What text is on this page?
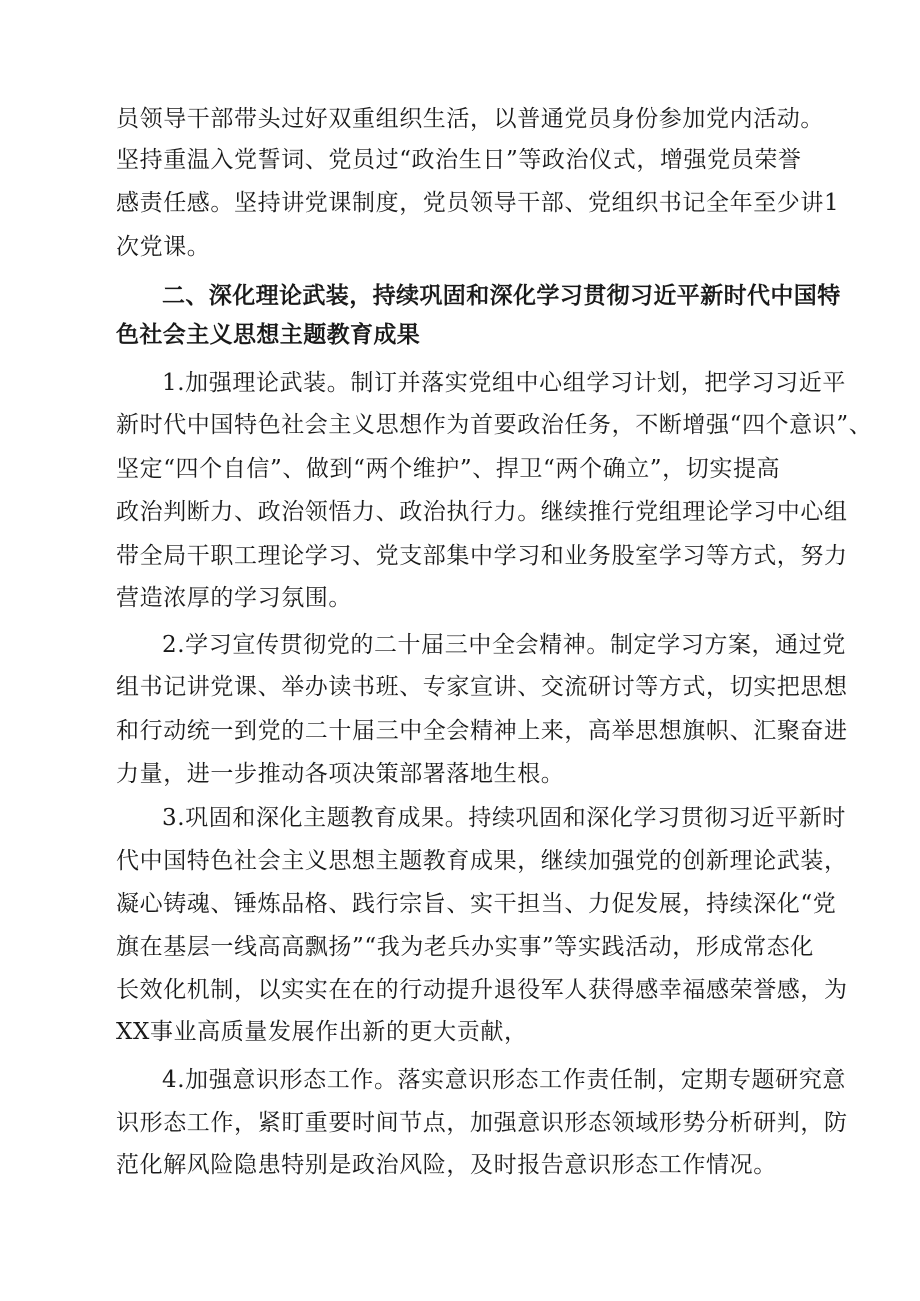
员领导干部带头过好双重组织生活，以普通党员身份参加党内活动。
坚持重温入党誓词、党员过“政治生日”等政治仪式，增强党员荣誉
感责任感。坚持讲党课制度，党员领导干部、党组织书记全年至少讲1
次党课。
二、深化理论武装，持续巩固和深化学习贯彻习近平新时代中国特
色社会主义思想主题教育成果
1.加强理论武装。制订并落实党组中心组学习计划，把学习习近平
新时代中国特色社会主义思想作为首要政治任务，不断增强“四个意识”、
坚定“四个自信”、做到“两个维护”、捍卫“两个确立”，切实提高
政治判断力、政治领悟力、政治执行力。继续推行党组理论学习中心组
带全局干职工理论学习、党支部集中学习和业务股室学习等方式，努力
营造浓厚的学习氛围。
2.学习宣传贯彻党的二十届三中全会精神。制定学习方案，通过党
组书记讲党课、举办读书班、专家宣讲、交流研讨等方式，切实把思想
和行动统一到党的二十届三中全会精神上来，高举思想旗帜、汇聚奋进
力量，进一步推动各项决策部署落地生根。
3.巩固和深化主题教育成果。持续巩固和深化学习贯彻习近平新时
代中国特色社会主义思想主题教育成果，继续加强党的创新理论武装，
凝心铸魂、锤炼品格、践行宗旨、实干担当、力促发展，持续深化“党
旗在基层一线高高飘扬”“我为老兵办实事”等实践活动，形成常态化
长效化机制，以实实在在的行动提升退役军人获得感幸福感荣誉感，为
XX事业高质量发展作出新的更大贡献，
4.加强意识形态工作。落实意识形态工作责任制，定期专题研究意
识形态工作，紧盯重要时间节点，加强意识形态领域形势分析研判，防
范化解风险隐患特别是政治风险，及时报告意识形态工作情况。
